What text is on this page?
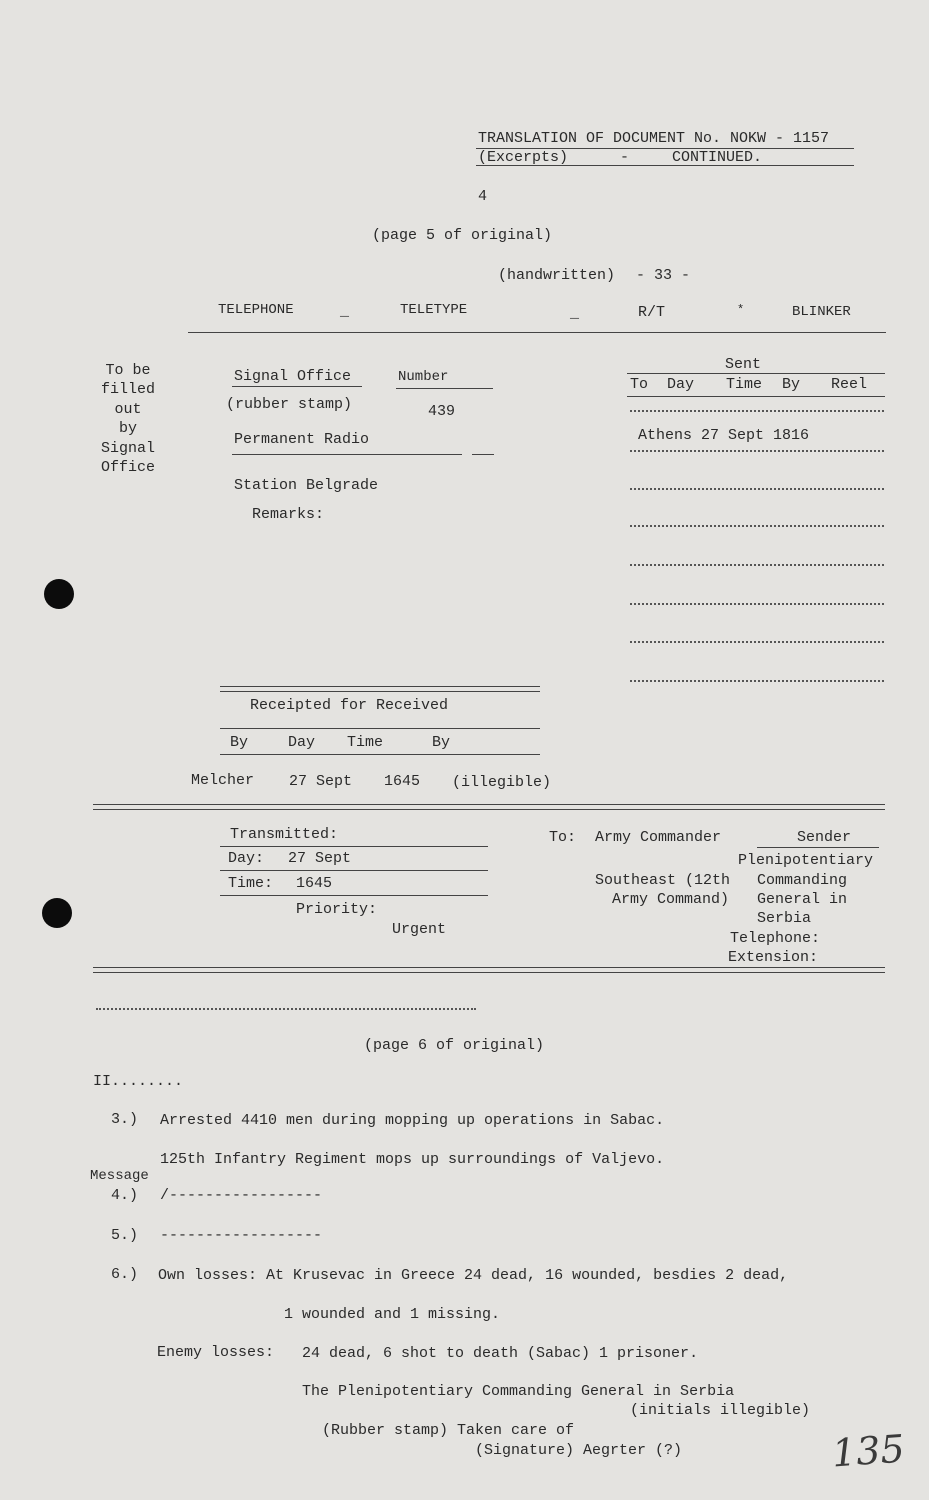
TRANSLATION OF DOCUMENT No. NOKW - 1157
(Excerpts)	-	CONTINUED.
4
(page 5 of original)
(handwritten) - 33 -
TELEPHONE	_	TELETYPE	_	R/T	*	BLINKER
To be
filled
out
by
Signal
Office
Signal Office	Number
(rubber stamp)	439
Permanent Radio
Station Belgrade
Remarks:
Sent
To Day Time By Reel
Athens 27 Sept 1816
Receipted for Received
By	Day Time	By
Melcher 27 Sept 1645 (illegible)
Transmitted:
Day: 27 Sept
Time: 1645
Priority:
Urgent
To: Army Commander
Southeast (12th
Army Command)
Sender
Plenipotentiary
Commanding
General in
Serbia
Telephone:
Extension:
(page 6 of original)
II........
3.) Arrested 4410 men during mopping up operations in Sabac.
125th Infantry Regiment mops up surroundings of Valjevo.
Message
4.) /-----------------
5.) ------------------
6.) Own losses: At Krusevac in Greece 24 dead, 16 wounded, besdies 2 dead,
1 wounded and 1 missing.
Enemy losses: 24 dead, 6 shot to death (Sabac) 1 prisoner.
The Plenipotentiary Commanding General in Serbia
(initials illegible)
(Rubber stamp) Taken care of
(Signature) Aegrter (?)	135
